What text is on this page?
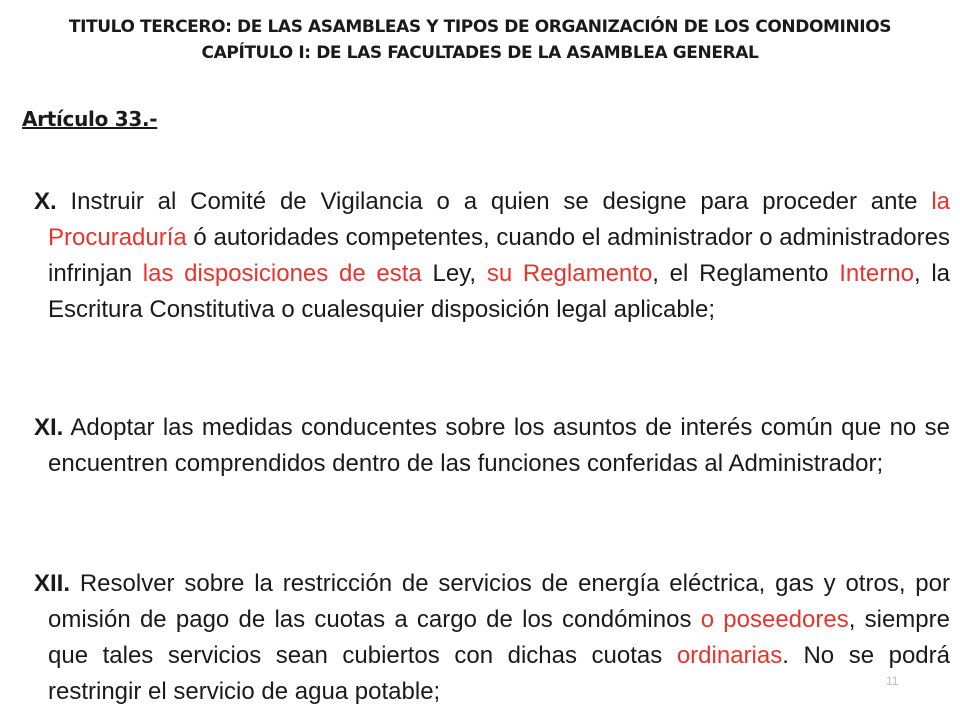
TITULO TERCERO: DE LAS ASAMBLEAS Y TIPOS DE ORGANIZACIÓN DE LOS CONDOMINIOS
CAPÍTULO I: DE LAS FACULTADES DE LA ASAMBLEA GENERAL
Artículo 33.-
X. Instruir al Comité de Vigilancia o a quien se designe para proceder ante la Procuraduría ó autoridades competentes, cuando el administrador o administradores infrinjan las disposiciones de esta Ley, su Reglamento, el Reglamento Interno, la Escritura Constitutiva o cualesquier disposición legal aplicable;
XI. Adoptar las medidas conducentes sobre los asuntos de interés común que no se encuentren comprendidos dentro de las funciones conferidas al Administrador;
XII. Resolver sobre la restricción de servicios de energía eléctrica, gas y otros, por omisión de pago de las cuotas a cargo de los condóminos o poseedores, siempre que tales servicios sean cubiertos con dichas cuotas ordinarias. No se podrá restringir el servicio de agua potable;	11
